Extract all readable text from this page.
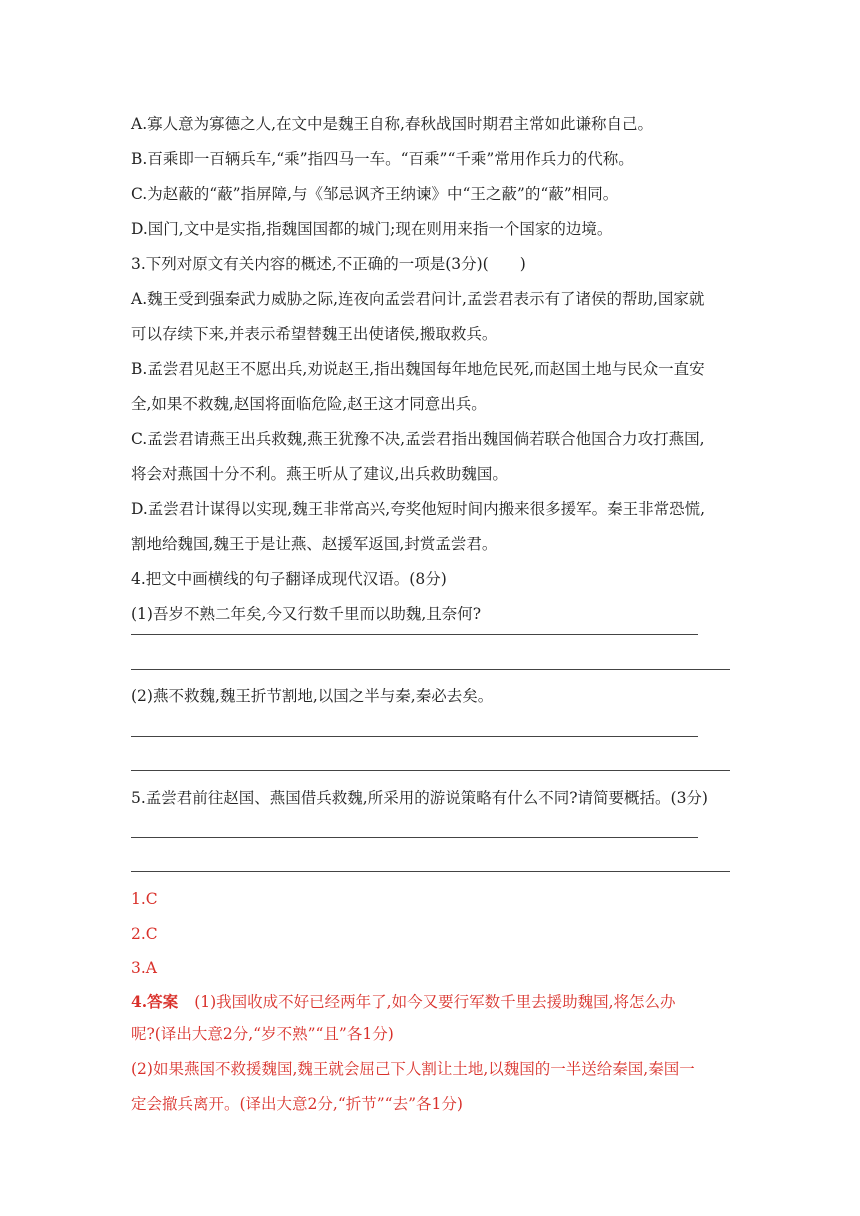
A.寡人意为寡德之人,在文中是魏王自称,春秋战国时期君主常如此谦称自己。
B.百乘即一百辆兵车,“乘”指四马一车。“百乘”“千乘”常用作兵力的代称。
C.为赵蔽的“蔽”指屏障,与《邹忌讽齐王纳谏》中“王之蔽”的“蔽”相同。
D.国门,文中是实指,指魏国国都的城门;现在则用来指一个国家的边境。
3.下列对原文有关内容的概述,不正确的一项是(3分)(　　)
A.魏王受到强秦武力威胁之际,连夜向孟尝君问计,孟尝君表示有了诸侯的帮助,国家就
可以存续下来,并表示希望替魏王出使诸侯,搬取救兵。
B.孟尝君见赵王不愿出兵,劝说赵王,指出魏国每年地危民死,而赵国土地与民众一直安
全,如果不救魏,赵国将面临危险,赵王这才同意出兵。
C.孟尝君请燕王出兵救魏,燕王犹豫不决,孟尝君指出魏国倘若联合他国合力攻打燕国,
将会对燕国十分不利。燕王听从了建议,出兵救助魏国。
D.孟尝君计谋得以实现,魏王非常高兴,夸奖他短时间内搬来很多援军。秦王非常恐慌,
割地给魏国,魏王于是让燕、赵援军返国,封赏孟尝君。
4.把文中画横线的句子翻译成现代汉语。(8分)
(1)吾岁不熟二年矣,今又行数千里而以助魏,且奈何?
(2)燕不救魏,魏王折节割地,以国之半与秦,秦必去矣。
5.孟尝君前往赵国、燕国借兵救魏,所采用的游说策略有什么不同?请简要概括。(3分)
1.C
2.C
3.A
4.答案 (1)我国收成不好已经两年了,如今又要行军数千里去援助魏国,将怎么办
呢?(译出大意2分,“岁不熟”“且”各1分)
(2)如果燕国不救援魏国,魏王就会屈己下人割让土地,以魏国的一半送给秦国,秦国一
定会撤兵离开。(译出大意2分,“折节”“去”各1分)
